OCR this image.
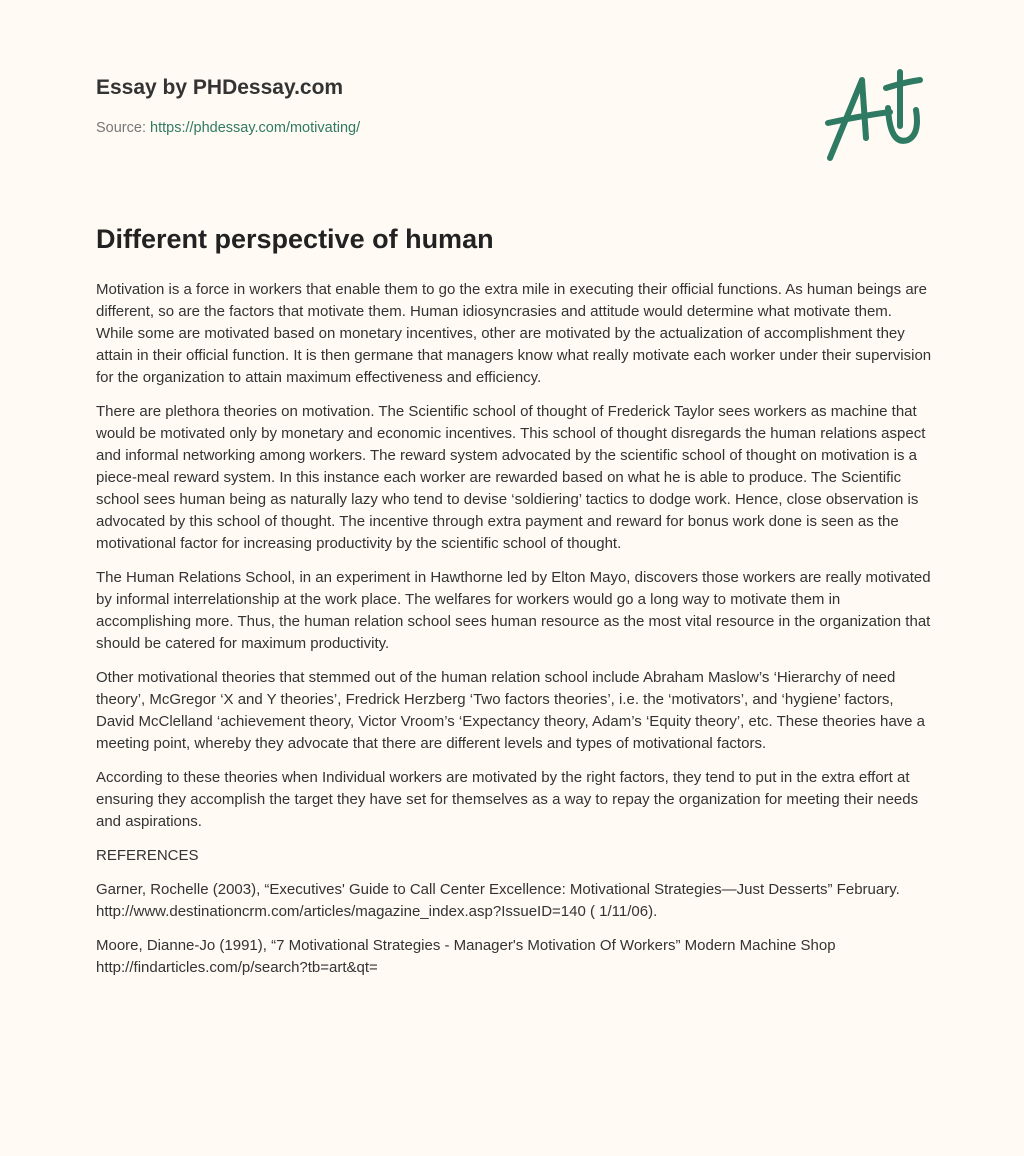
Essay by PHDessay.com
Source: https://phdessay.com/motivating/
Different perspective of human

Motivation is a force in workers that enable them to go the extra mile in executing their official functions. As human beings are different, so are the factors that motivate them. Human idiosyncrasies and attitude would determine what motivate them. While some are motivated based on monetary incentives, other are motivated by the actualization of accomplishment they attain in their official function. It is then germane that managers know what really motivate each worker under their supervision for the organization to attain maximum effectiveness and efficiency.

There are plethora theories on motivation. The Scientific school of thought of Frederick Taylor sees workers as machine that would be motivated only by monetary and economic incentives. This school of thought disregards the human relations aspect and informal networking among workers. The reward system advocated by the scientific school of thought on motivation is a piece-meal reward system. In this instance each worker are rewarded based on what he is able to produce. The Scientific school sees human being as naturally lazy who tend to devise ‘soldiering’ tactics to dodge work. Hence, close observation is advocated by this school of thought. The incentive through extra payment and reward for bonus work done is seen as the motivational factor for increasing productivity by the scientific school of thought.

The Human Relations School, in an experiment in Hawthorne led by Elton Mayo, discovers those workers are really motivated by informal interrelationship at the work place. The welfares for workers would go a long way to motivate them in accomplishing more. Thus, the human relation school sees human resource as the most vital resource in the organization that should be catered for maximum productivity.

Other motivational theories that stemmed out of the human relation school include Abraham Maslow’s ‘Hierarchy of need theory’, McGregor ‘X and Y theories’, Fredrick Herzberg ‘Two factors theories’, i.e. the ‘motivators’, and ‘hygiene’ factors, David McClelland ‘achievement theory, Victor Vroom’s ‘Expectancy theory, Adam’s ‘Equity theory’, etc. These theories have a meeting point, whereby they advocate that there are different levels and types of motivational factors.

According to these theories when Individual workers are motivated by the right factors, they tend to put in the extra effort at ensuring they accomplish the target they have set for themselves as a way to repay the organization for meeting their needs and aspirations.

REFERENCES

Garner, Rochelle (2003), “Executives' Guide to Call Center Excellence: Motivational Strategies—Just Desserts” February. http://www.destinationcrm.com/articles/magazine_index.asp?IssueID=140 ( 1/11/06).

Moore, Dianne-Jo (1991), “7 Motivational Strategies - Manager's Motivation Of Workers” Modern Machine Shop http://findarticles.com/p/search?tb=art&qt=
